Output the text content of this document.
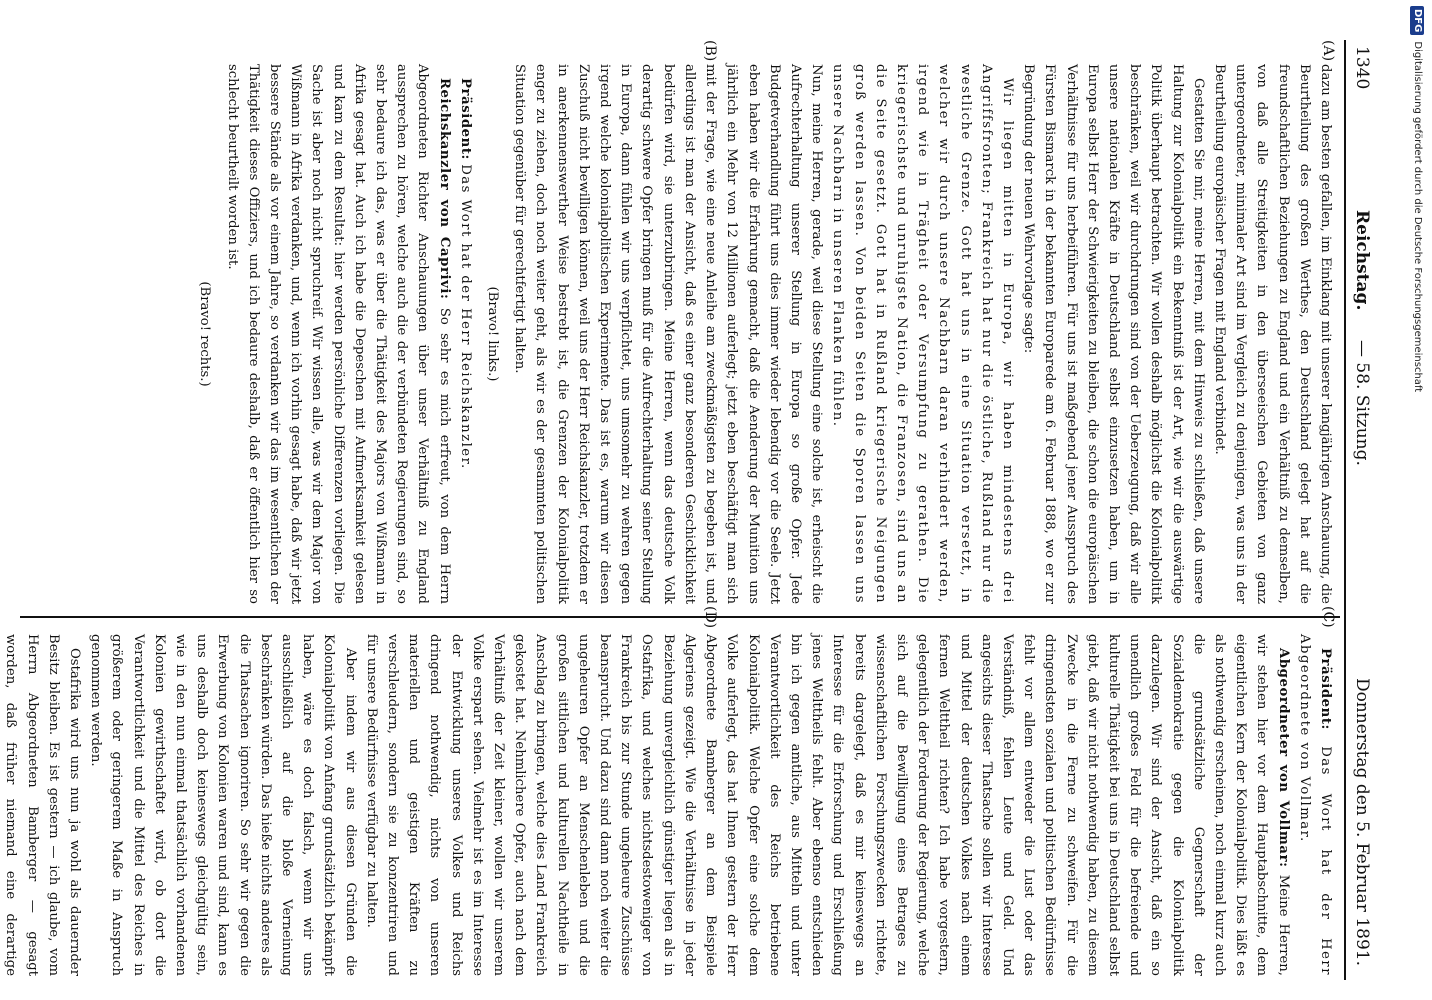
1340
Reichstag.
— 58. Sitzung.
Donnerstag den 5. Februar 1891.
(A)
(B)
(C)
(D)

dazu am besten gefallen, im Einklang mit unserer langjährigen Anschauung, die Beurtheilung des großen Werthes, den Deutschland gelegt hat auf die freundschaftlichen Beziehungen zu England und ein Verhältniß zu demselben, von daß alle Streitigkeiten in den überseeischen Gebieten von ganz untergeordneter, minimaler Art sind im Vergleich zu denjenigen, was uns in der Beurtheilung europäischer Fragen mit England verbindet.

Gestatten Sie mir, meine Herren, mit dem Hinweis zu schließen, daß unsere Haltung zur Kolonialpolitik ein Bekenntniß ist der Art, wie wir die auswärtige Politik überhaupt betrachten. Wir wollen deshalb möglichst die Kolonialpolitik beschränken, weil wir durchdrungen sind von der Ueberzeugung, daß wir alle unsere nationalen Kräfte in Deutschland selbst einzusetzen haben, um in Europa selbst Herr der Schwierigkeiten zu bleiben, die schon die europäischen Verhältnisse für uns herbeiführen. Für uns ist maßgebend jener Ausspruch des Fürsten Bismarck in der bekannten Europarede am 6. Februar 1888, wo er zur Begründung der neuen Wehrvorlage sagte:

Wir liegen mitten in Europa, wir haben mindestens drei Angriffsfronten; Frankreich hat nur die östliche, Rußland nur die westliche Grenze. Gott hat uns in eine Situation versetzt, in welcher wir durch unsere Nachbarn daran verhindert werden, irgend wie in Trägheit oder Versumpfung zu gerathen. Die kriegerischste und unruhigste Nation, die Franzosen, sind uns an die Seite gesetzt. Gott hat in Rußland kriegerische Neigungen groß werden lassen. Von beiden Seiten die Sporen lassen uns unsere Nachbarn in unseren Flanken fühlen.

Nun, meine Herren, gerade, weil diese Stellung eine solche ist, erheischt die Aufrechterhaltung unserer Stellung in Europa so große Opfer. Jede Budgetverhandlung führt uns dies immer wieder lebendig vor die Seele. Jetzt eben haben wir die Erfahrung gemacht, daß die Aenderung der Munition uns jährlich ein Mehr von 12 Millionen auferlegt; jetzt eben beschäftigt man sich mit der Frage, wie eine neue Anleihe am zweckmäßigsten zu begeben ist, und allerdings ist man der Ansicht, daß es einer ganz besonderen Geschicklichkeit bedürfen wird, sie unterzubringen. Meine Herren, wenn das deutsche Volk derartig schwere Opfer bringen muß für die Aufrechterhaltung seiner Stellung in Europa, dann fühlen wir uns verpflichtet, uns umsomehr zu wehren gegen irgend welche kolonialpolitischen Experimente. Das ist es, warum wir diesen Zuschuß nicht bewilligen können, weil uns der Herr Reichskanzler, trotzdem er in anerkennenswerther Weise bestrebt ist, die Grenzen der Kolonialpolitik enger zu ziehen, doch noch weiter geht, als wir es der gesammten politischen Situation gegenüber für gerechtfertigt halten.

(Bravo! links.)

Präsident: Das Wort hat der Herr Reichskanzler.

Reichskanzler von Caprivi: So sehr es mich erfreut, von dem Herrn Abgeordneten Richter Anschauungen über unser Verhältniß zu England aussprechen zu hören, welche auch die der verbündeten Regierungen sind, so sehr bedaure ich das, was er über die Thätigkeit des Majors von Wißmann in Afrika gesagt hat. Auch ich habe die Depeschen mit Aufmerksamkeit gelesen und kam zu dem Resultat: hier werden persönliche Differenzen vorliegen. Die Sache ist aber noch nicht spruchreif. Wir wissen alle, was wir dem Major von Wißmann in Afrika verdanken, und, wenn ich vorhin gesagt habe, daß wir jetzt bessere Stände als vor einem Jahre, so verdanken wir das im wesentlichen der Thätigkeit dieses Offiziers, und ich bedaure deshalb, daß er öffentlich hier so schlecht beurtheilt worden ist.

(Bravo! rechts.)

Präsident: Das Wort hat der Herr Abgeordnete von Vollmar.

Abgeordneter von Vollmar: Meine Herren, wir stehen hier vor dem Hauptabschnitte, dem eigentlichen Kern der Kolonialpolitik. Dies läßt es als nothwendig erscheinen, noch einmal kurz auch die grundsätzliche Gegnerschaft der Sozialdemokratie gegen die Kolonialpolitik darzulegen. Wir sind der Ansicht, daß ein so unendlich großes Feld für die befreiende und kulturelle Thätigkeit bei uns in Deutschland selbst giebt, daß wir nicht nothwendig haben, zu diesem Zwecke in die Ferne zu schweifen. Für die dringendsten sozialen und politischen Bedürfnisse fehlt vor allem entweder die Lust oder das Verständniß, fehlen Leute und Geld. Und angesichts dieser Thatsache sollen wir Interesse und Mittel der deutschen Volkes nach einem fernen Welttheil richten? Ich habe vorgestern, gelegentlich der Forderung der Regierung, welche sich auf die Bewilligung eines Betrages zu wissenschaftlichen Forschungszwecken richtete, bereits dargelegt, daß es mir keineswegs an Interesse für die Erforschung und Erschließung jenes Welttheils fehlt. Aber ebenso entschieden bin ich gegen amtliche, aus Mitteln und unter Verantwortlichkeit des Reichs betriebene Kolonialpolitik. Welche Opfer eine solche dem Volke auferlegt, das hat Ihnen gestern der Herr Abgeordnete Bamberger an dem Beispiele Algeriens gezeigt. Wie die Verhältnisse in jeder Beziehung unvergleichlich günstiger liegen als in Ostafrika, und welches nichtsdestoweniger von Frankreich bis zur Stunde ungeheure Zuschüsse beansprucht. Und dazu sind dann noch weiter die ungeheuren Opfer an Menschenleben und die großen sittlichen und kulturellen Nachtheile in Anschlag zu bringen, welche dies Land Frankreich gekostet hat. Nehmlichere Opfer, auch nach dem Verhältniß der Zeit kleiner, wollen wir unserem Volke erspart sehen. Vielmehr ist es im Interesse der Entwicklung unseres Volkes und Reichs dringend nothwendig, nichts von unseren materiellen und geistigen Kräften zu verschleudern, sondern sie zu konzentriren und für unsere Bedürfnisse verfügbar zu halten.

Aber indem wir aus diesen Gründen die Kolonialpolitik von Anfang grundsätzlich bekämpft haben, wäre es doch falsch, wenn wir uns ausschließlich auf die bloße Verneinung beschränken würden. Das hieße nichts anderes als die Thatsachen ignoriren. So sehr wir gegen die Erwerbung von Kolonien waren und sind, kann es uns deshalb doch keineswegs gleichgültig sein, wie in den nun einmal thatsächlich vorhandenen Kolonien gewirthschaftet wird, ob dort die Verantwortlichkeit und die Mittel des Reiches in größerem oder geringerem Maße in Anspruch genommen werden.

Ostafrika wird uns nun ja wohl als dauernder Besitz bleiben. Es ist gestern — ich glaube, vom Herrn Abgeordneten Bamberger — gesagt worden, daß früher niemand eine derartige

DFGDigitalisierung gefördert durch die Deutsche Forschungsgemeinschaft
